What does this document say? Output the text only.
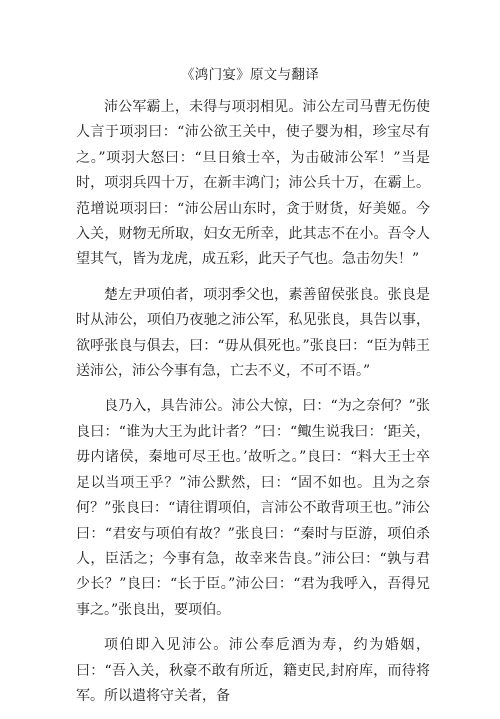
《鸿门宴》原文与翻译

沛公军霸上，未得与项羽相见。沛公左司马曹无伤使人言于项羽曰：“沛公欲王关中，使子婴为相，珍宝尽有之。”项羽大怒曰：“旦日飨士卒，为击破沛公军！”当是时，项羽兵四十万，在新丰鸿门；沛公兵十万，在霸上。范增说项羽曰：“沛公居山东时，贪于财货，好美姬。今入关，财物无所取，妇女无所幸，此其志不在小。吾令人望其气，皆为龙虎，成五彩，此天子气也。急击勿失！”

楚左尹项伯者，项羽季父也，素善留侯张良。张良是时从沛公，项伯乃夜驰之沛公军，私见张良，具告以事，欲呼张良与俱去，曰：“毋从俱死也。”张良曰：“臣为韩王送沛公，沛公今事有急，亡去不义，不可不语。”

良乃入，具告沛公。沛公大惊，曰：“为之奈何？”张良曰：“谁为大王为此计者？”曰：“鲰生说我曰：‘距关，毋内诸侯，秦地可尽王也。’故听之。”良曰：“料大王士卒足以当项王乎？”沛公默然，曰：“固不如也。且为之奈何？”张良曰：“请往谓项伯，言沛公不敢背项王也。”沛公曰：“君安与项伯有故？”张良曰：“秦时与臣游，项伯杀人，臣活之；今事有急，故幸来告良。”沛公曰：“孰与君少长？”良曰：“长于臣。”沛公曰：“君为我呼入，吾得兄事之。”张良出，要项伯。

项伯即入见沛公。沛公奉卮酒为寿，约为婚姻，曰：“吾入关，秋豪不敢有所近，籍吏民,封府库，而待将军。所以遣将守关者，备
